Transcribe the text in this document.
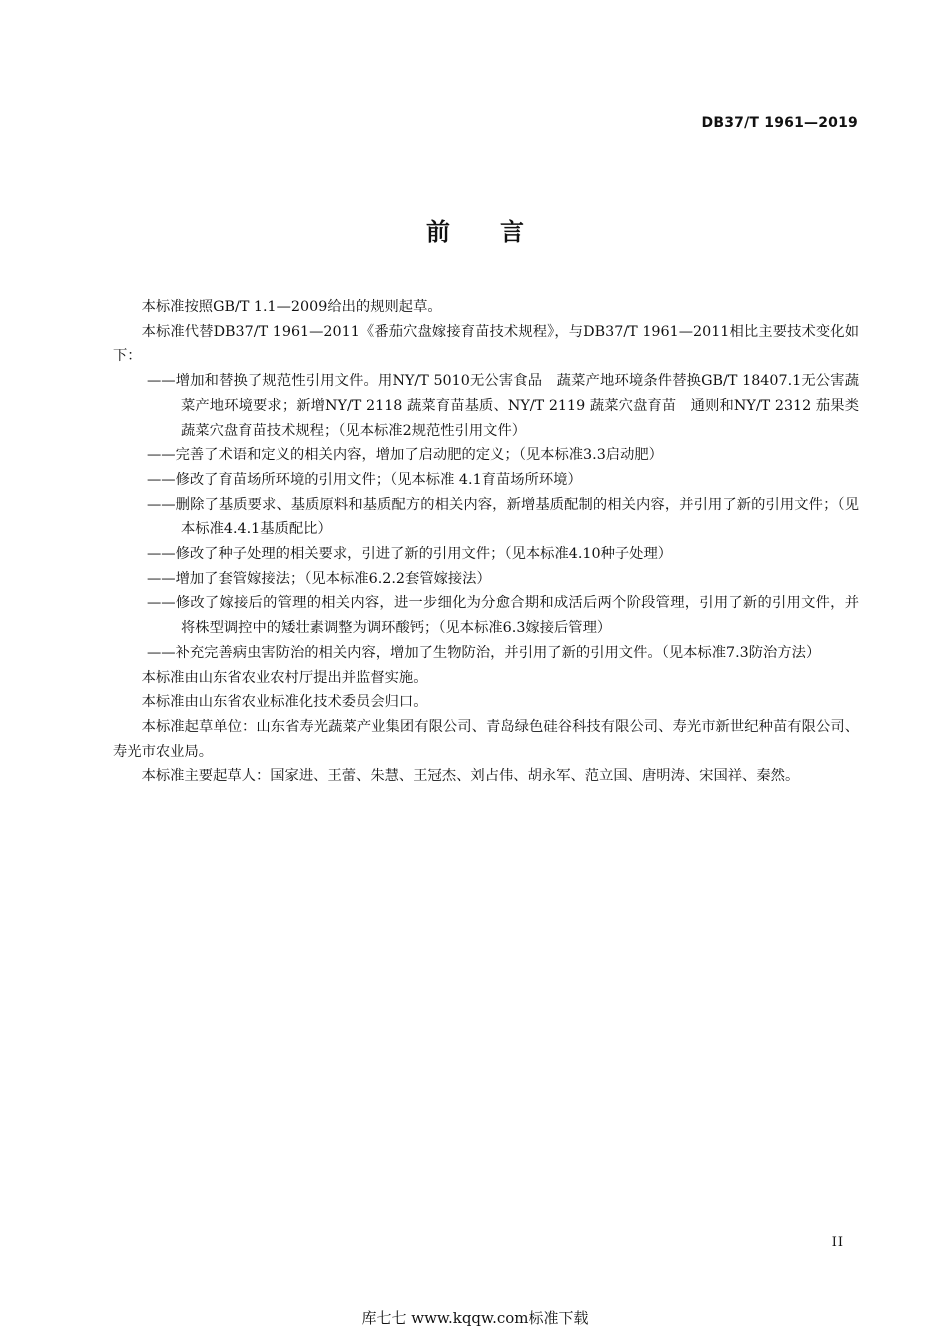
DB37/T 1961—2019
前 言

本标准按照GB/T 1.1—2009给出的规则起草。

本标准代替DB37/T 1961—2011《番茄穴盘嫁接育苗技术规程》，与DB37/T 1961—2011相比主要技术变化如下：

——增加和替换了规范性引用文件。用NY/T 5010无公害食品　蔬菜产地环境条件替换GB/T 18407.1无公害蔬菜产地环境要求；新增NY/T 2118 蔬菜育苗基质、NY/T 2119 蔬菜穴盘育苗　通则和NY/T 2312 茄果类蔬菜穴盘育苗技术规程；（见本标准2规范性引用文件）

——完善了术语和定义的相关内容，增加了启动肥的定义；（见本标准3.3启动肥）

——修改了育苗场所环境的引用文件；（见本标准 4.1育苗场所环境）

——删除了基质要求、基质原料和基质配方的相关内容，新增基质配制的相关内容，并引用了新的引用文件；（见本标准4.4.1基质配比）

——修改了种子处理的相关要求，引进了新的引用文件；（见本标准4.10种子处理）

——增加了套管嫁接法；（见本标准6.2.2套管嫁接法）

——修改了嫁接后的管理的相关内容，进一步细化为分愈合期和成活后两个阶段管理，引用了新的引用文件，并将株型调控中的矮壮素调整为调环酸钙；（见本标准6.3嫁接后管理）

——补充完善病虫害防治的相关内容，增加了生物防治，并引用了新的引用文件。（见本标准7.3防治方法）

本标准由山东省农业农村厅提出并监督实施。

本标准由山东省农业标准化技术委员会归口。

本标准起草单位：山东省寿光蔬菜产业集团有限公司、青岛绿色硅谷科技有限公司、寿光市新世纪种苗有限公司、寿光市农业局。

本标准主要起草人：国家进、王蕾、朱慧、王冠杰、刘占伟、胡永军、范立国、唐明涛、宋国祥、秦然。

II
库七七 www.kqqw.com标准下载
